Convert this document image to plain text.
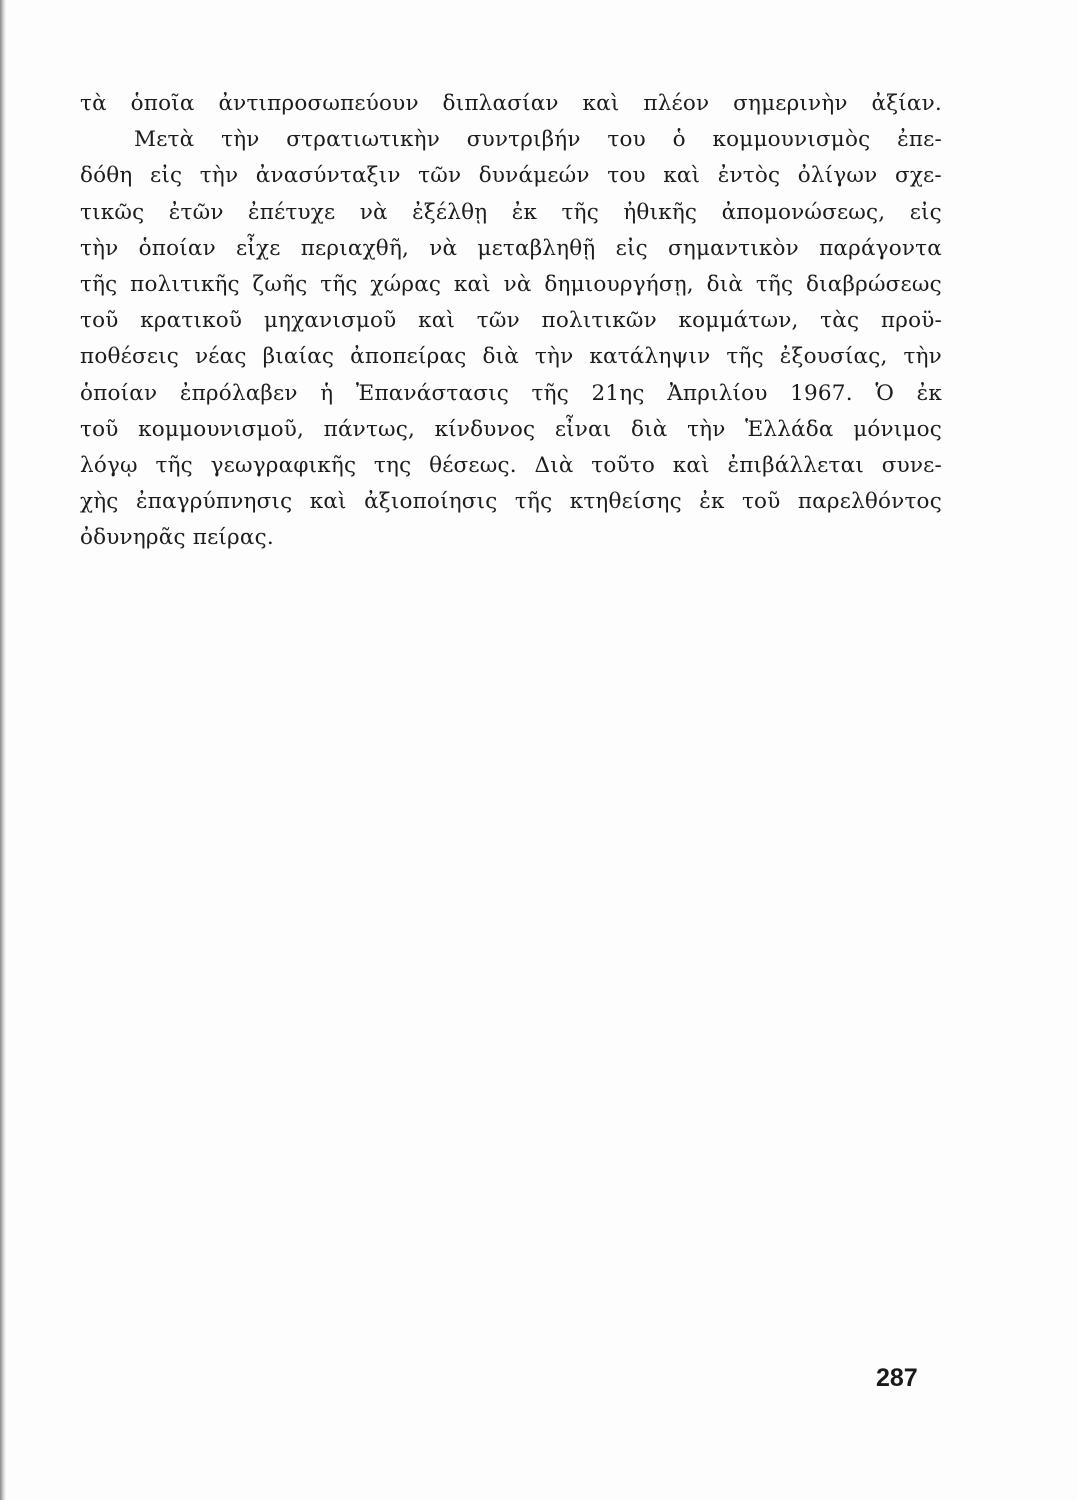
τὰ ὁποῖα ἀντιπροσωπεύουν διπλασίαν καὶ πλέον σημερινὴν ἀξίαν.
Μετὰ τὴν στρατιωτικὴν συντριβήν του ὁ κομμουνισμὸς ἐπε-
δόθη εἰς τὴν ἀνασύνταξιν τῶν δυνάμεών του καὶ ἐντὸς ὀλίγων σχε-
τικῶς ἐτῶν ἐπέτυχε νὰ ἐξέλθῃ ἐκ τῆς ἠθικῆς ἀπομονώσεως, εἰς
τὴν ὁποίαν εἶχε περιαχθῆ, νὰ μεταβληθῇ εἰς σημαντικὸν παράγοντα
τῆς πολιτικῆς ζωῆς τῆς χώρας καὶ νὰ δημιουργήσῃ, διὰ τῆς διαβρώσεως
τοῦ κρατικοῦ μηχανισμοῦ καὶ τῶν πολιτικῶν κομμάτων, τὰς προϋ-
ποθέσεις νέας βιαίας ἀποπείρας διὰ τὴν κατάληψιν τῆς ἐξουσίας, τὴν
ὁποίαν ἐπρόλαβεν ἡ Ἐπανάστασις τῆς 21ης Ἀπριλίου 1967. Ὁ ἐκ
τοῦ κομμουνισμοῦ, πάντως, κίνδυνος εἶναι διὰ τὴν Ἑλλάδα μόνιμος
λόγῳ τῆς γεωγραφικῆς της θέσεως. Διὰ τοῦτο καὶ ἐπιβάλλεται συνε-
χὴς ἐπαγρύπνησις καὶ ἀξιοποίησις τῆς κτηθείσης ἐκ τοῦ παρελθόντος
ὀδυνηρᾶς πείρας.
287
